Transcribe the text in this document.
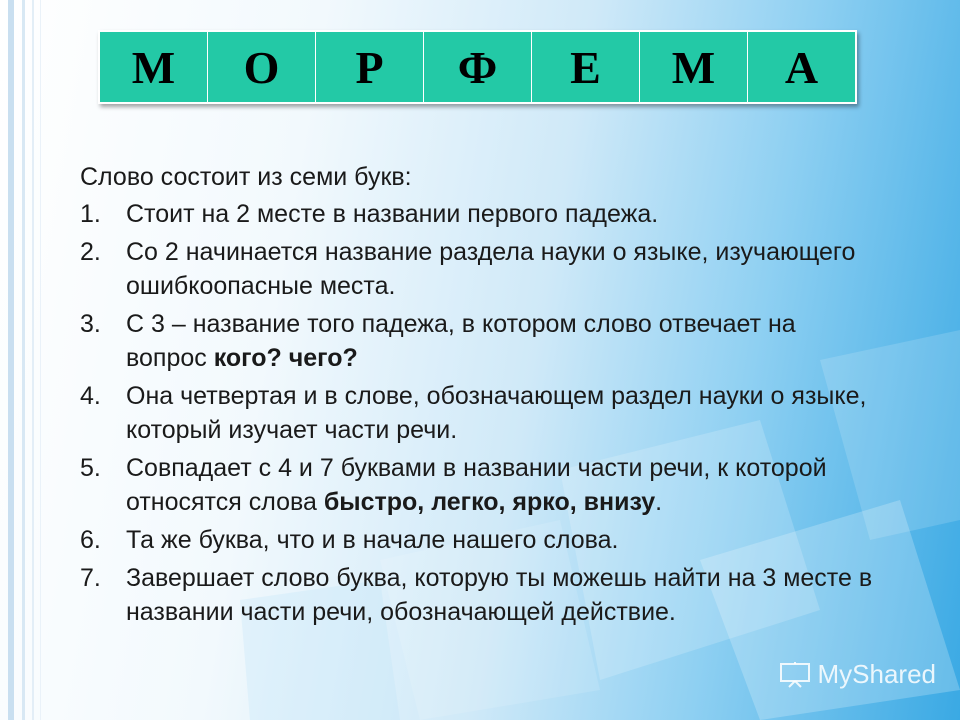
М	О	Р	Ф	Е	М	А

Слово состоит из семи букв:

1.	Стоит на 2 месте в названии первого падежа.
2.	Со 2 начинается название раздела науки о языке, изучающего ошибкоопасные места.
3.	С 3 – название того падежа, в котором слово отвечает на вопрос кого? чего?
4.	Она четвертая и в слове, обозначающем раздел науки о языке, который изучает части речи.
5.	Совпадает с 4 и 7 буквами в названии части речи, к которой относятся слова быстро, легко, ярко, внизу.
6.	Та же буква, что и в начале нашего слова.
7.	Завершает слово буква, которую ты можешь найти на 3 месте в названии части речи, обозначающей действие.
MyShared
